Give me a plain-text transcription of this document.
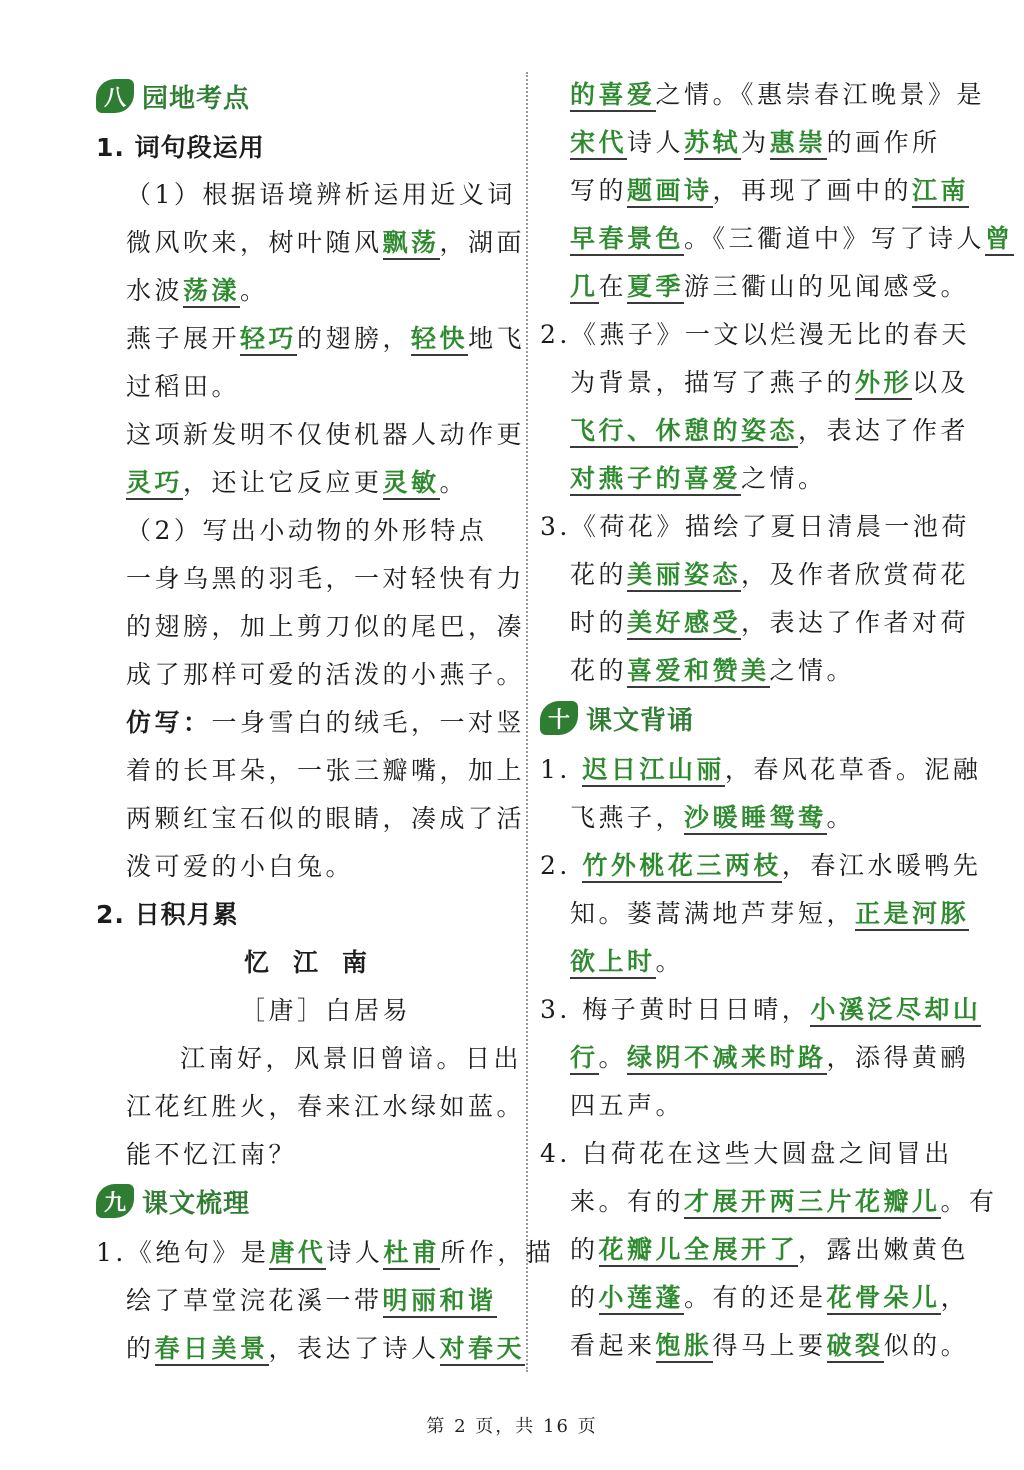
八 园地考点
1. 词句段运用
（1）根据语境辨析运用近义词
微风吹来，树叶随风飘荡，湖面
水波荡漾。
燕子展开轻巧的翅膀，轻快地飞
过稻田。
这项新发明不仅使机器人动作更
灵巧，还让它反应更灵敏。
（2）写出小动物的外形特点
一身乌黑的羽毛，一对轻快有力
的翅膀，加上剪刀似的尾巴，凑
成了那样可爱的活泼的小燕子。
仿写：一身雪白的绒毛，一对竖
着的长耳朵，一张三瓣嘴，加上
两颗红宝石似的眼睛，凑成了活
泼可爱的小白兔。
2. 日积月累
忆江南
［唐］白居易
江南好，风景旧曾谙。日出
江花红胜火，春来江水绿如蓝。
能不忆江南？
九 课文梳理
1.《绝句》是唐代诗人杜甫所作，描
绘了草堂浣花溪一带明丽和谐
的春日美景，表达了诗人对春天
的喜爱之情。《惠崇春江晚景》是
宋代诗人苏轼为惠崇的画作所
写的题画诗，再现了画中的江南
早春景色。《三衢道中》写了诗人曾
几在夏季游三衢山的见闻感受。
2.《燕子》一文以烂漫无比的春天
为背景，描写了燕子的外形以及
飞行、休憩的姿态，表达了作者
对燕子的喜爱之情。
3.《荷花》描绘了夏日清晨一池荷
花的美丽姿态，及作者欣赏荷花
时的美好感受，表达了作者对荷
花的喜爱和赞美之情。
十 课文背诵
1. 迟日江山丽，春风花草香。泥融
飞燕子，沙暖睡鸳鸯。
2. 竹外桃花三两枝，春江水暖鸭先
知。蒌蒿满地芦芽短，正是河豚
欲上时。
3. 梅子黄时日日晴，小溪泛尽却山
行。绿阴不减来时路，添得黄鹂
四五声。
4. 白荷花在这些大圆盘之间冒出
来。有的才展开两三片花瓣儿。有
的花瓣儿全展开了，露出嫩黄色
的小莲蓬。有的还是花骨朵儿，
看起来饱胀得马上要破裂似的。
第 2 页，共 16 页
